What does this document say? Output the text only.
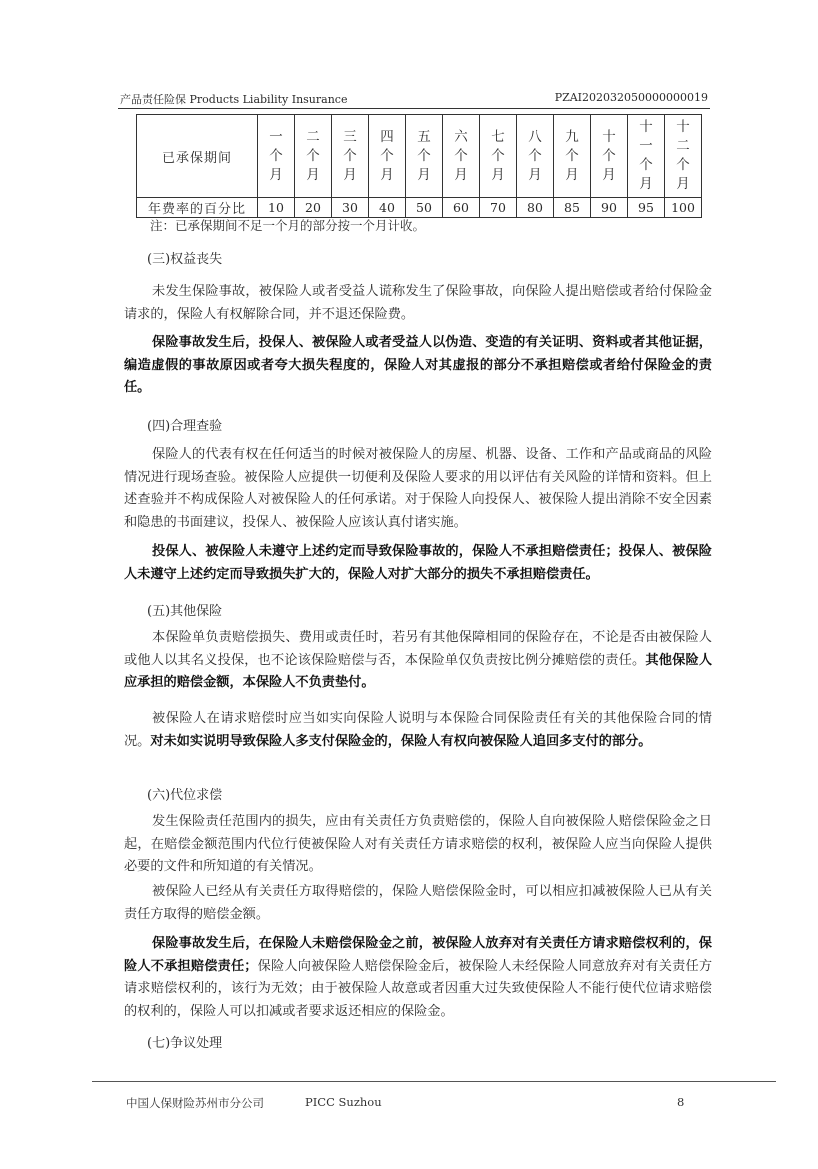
产品责任险保 Products Liability Insurance	PZAI202032050000000019
已承保期间	一
个
月	二
个
月	三
个
月	四
个
月	五
个
月	六
个
月	七
个
月	八
个
月	九
个
月	十
个
月	十
一
个
月	十
二
个
月
年费率的百分比	10	20	30	40	50	60	70	80	85	90	95	100
注：已承保期间不足一个月的部分按一个月计收。
(三)权益丧失
未发生保险事故，被保险人或者受益人谎称发生了保险事故，向保险人提出赔偿或者给付保险金请求的，保险人有权解除合同，并不退还保险费。
保险事故发生后，投保人、被保险人或者受益人以伪造、变造的有关证明、资料或者其他证据，编造虚假的事故原因或者夸大损失程度的，保险人对其虚报的部分不承担赔偿或者给付保险金的责任。
(四)合理查验
保险人的代表有权在任何适当的时候对被保险人的房屋、机器、设备、工作和产品或商品的风险情况进行现场查验。被保险人应提供一切便利及保险人要求的用以评估有关风险的详情和资料。但上述查验并不构成保险人对被保险人的任何承诺。对于保险人向投保人、被保险人提出消除不安全因素和隐患的书面建议，投保人、被保险人应该认真付诸实施。
投保人、被保险人未遵守上述约定而导致保险事故的，保险人不承担赔偿责任；投保人、被保险人未遵守上述约定而导致损失扩大的，保险人对扩大部分的损失不承担赔偿责任。
(五)其他保险
本保险单负责赔偿损失、费用或责任时，若另有其他保障相同的保险存在，不论是否由被保险人或他人以其名义投保，也不论该保险赔偿与否，本保险单仅负责按比例分摊赔偿的责任。其他保险人应承担的赔偿金额，本保险人不负责垫付。
被保险人在请求赔偿时应当如实向保险人说明与本保险合同保险责任有关的其他保险合同的情况。对未如实说明导致保险人多支付保险金的，保险人有权向被保险人追回多支付的部分。
(六)代位求偿
发生保险责任范围内的损失，应由有关责任方负责赔偿的，保险人自向被保险人赔偿保险金之日起，在赔偿金额范围内代位行使被保险人对有关责任方请求赔偿的权利，被保险人应当向保险人提供必要的文件和所知道的有关情况。
被保险人已经从有关责任方取得赔偿的，保险人赔偿保险金时，可以相应扣减被保险人已从有关责任方取得的赔偿金额。
保险事故发生后，在保险人未赔偿保险金之前，被保险人放弃对有关责任方请求赔偿权利的，保险人不承担赔偿责任；保险人向被保险人赔偿保险金后，被保险人未经保险人同意放弃对有关责任方请求赔偿权利的，该行为无效；由于被保险人故意或者因重大过失致使保险人不能行使代位请求赔偿的权利的，保险人可以扣减或者要求返还相应的保险金。
(七)争议处理
中国人保财险苏州市分公司	PICC Suzhou	8
